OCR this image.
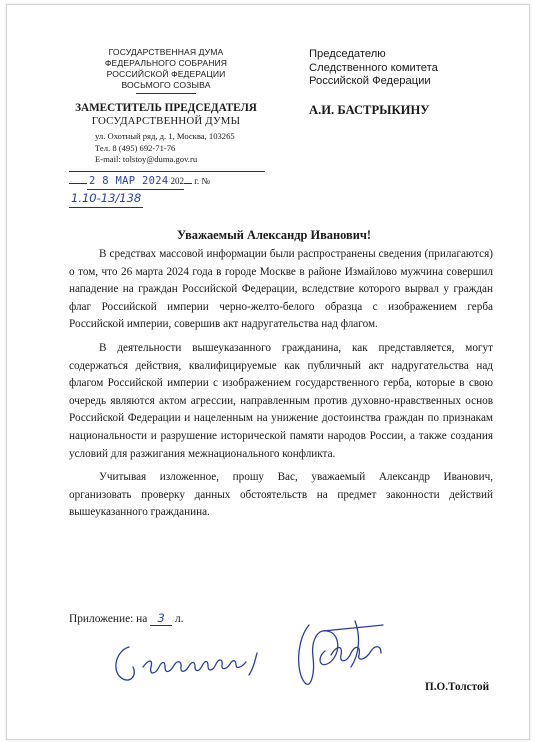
ГОСУДАРСТВЕННАЯ ДУМА
ФЕДЕРАЛЬНОГО СОБРАНИЯ
РОССИЙСКОЙ ФЕДЕРАЦИИ
ВОСЬМОГО СОЗЫВА
ЗАМЕСТИТЕЛЬ ПРЕДСЕДАТЕЛЯ
ГОСУДАРСТВЕННОЙ ДУМЫ
ул. Охотный ряд, д. 1, Москва, 103265
Тел. 8 (495) 692-71-76
E-mail: tolstoy@duma.gov.ru
2 8 МАР 2024 202 г. №1.10-13/138
Председателю
Следственного комитета
Российской Федерации
А.И. БАСТРЫКИНУ
Уважаемый Александр Иванович!

В средствах массовой информации были распространены сведения (прилагаются) о том, что 26 марта 2024 года в городе Москве в районе Измайлово мужчина совершил нападение на граждан Российской Федерации, вследствие которого вырвал у граждан флаг Российской империи черно-желто-белого образца с изображением герба Российской империи, совершив акт надругательства над флагом.

В деятельности вышеуказанного гражданина, как представляется, могут содержаться действия, квалифицируемые как публичный акт надругательства над флагом Российской империи с изображением государственного герба, которые в свою очередь являются актом агрессии, направленным против духовно-нравственных основ Российской Федерации и нацеленным на унижение достоинства граждан по признакам национальности и разрушение исторической памяти народов России, а также создания условий для разжигания межнационального конфликта.

Учитывая изложенное, прошу Вас, уважаемый Александр Иванович, организовать проверку данных обстоятельств на предмет законности действий вышеуказанного гражданина.

Приложение: на 3 л.
П.О.Толстой
